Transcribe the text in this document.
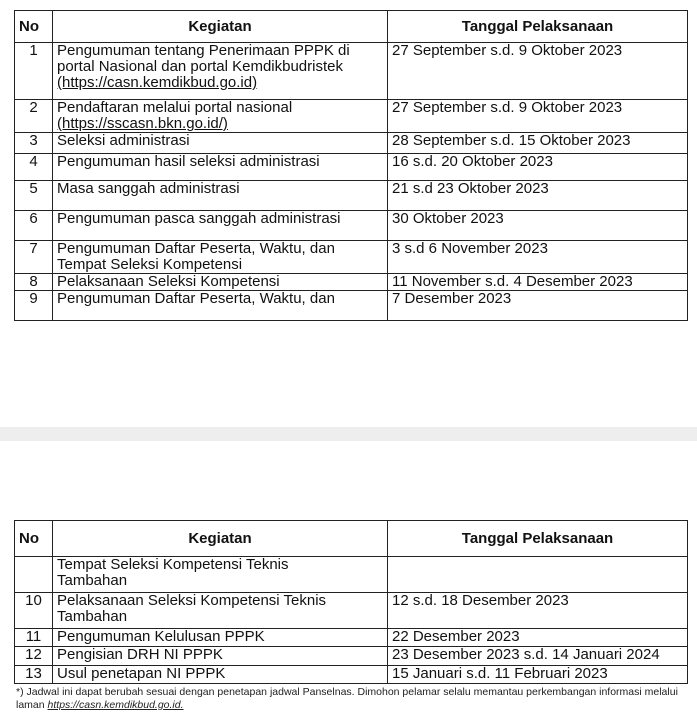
No	Kegiatan	Tanggal Pelaksanaan
1	Pengumuman tentang Penerimaan PPPK di
portal Nasional dan portal Kemdikbudristek
(https://casn.kemdikbud.go.id)	27 September s.d. 9 Oktober 2023
2	Pendaftaran melalui portal nasional
(https://sscasn.bkn.go.id/)	27 September s.d. 9 Oktober 2023
3	Seleksi administrasi	28 September s.d. 15 Oktober 2023
4	Pengumuman hasil seleksi administrasi	16 s.d. 20 Oktober 2023
5	Masa sanggah administrasi	21 s.d 23 Oktober 2023
6	Pengumuman pasca sanggah administrasi	30 Oktober 2023
7	Pengumuman Daftar Peserta, Waktu, dan
Tempat Seleksi Kompetensi	3 s.d 6 November 2023
8	Pelaksanaan Seleksi Kompetensi	11 November s.d. 4 Desember 2023
9	Pengumuman Daftar Peserta, Waktu, dan	7 Desember 2023
No	Kegiatan	Tanggal Pelaksanaan

	Tempat Seleksi Kompetensi Teknis
Tambahan	

10	Pelaksanaan Seleksi Kompetensi Teknis
Tambahan	12 s.d. 18 Desember 2023
11	Pengumuman Kelulusan PPPK	22 Desember 2023
12	Pengisian DRH NI PPPK	23 Desember 2023 s.d. 14 Januari 2024
13	Usul penetapan NI PPPK	15 Januari s.d. 11 Februari 2023
*) Jadwal ini dapat berubah sesuai dengan penetapan jadwal Panselnas. Dimohon pelamar selalu memantau perkembangan informasi melalui laman https://casn.kemdikbud.go.id.
